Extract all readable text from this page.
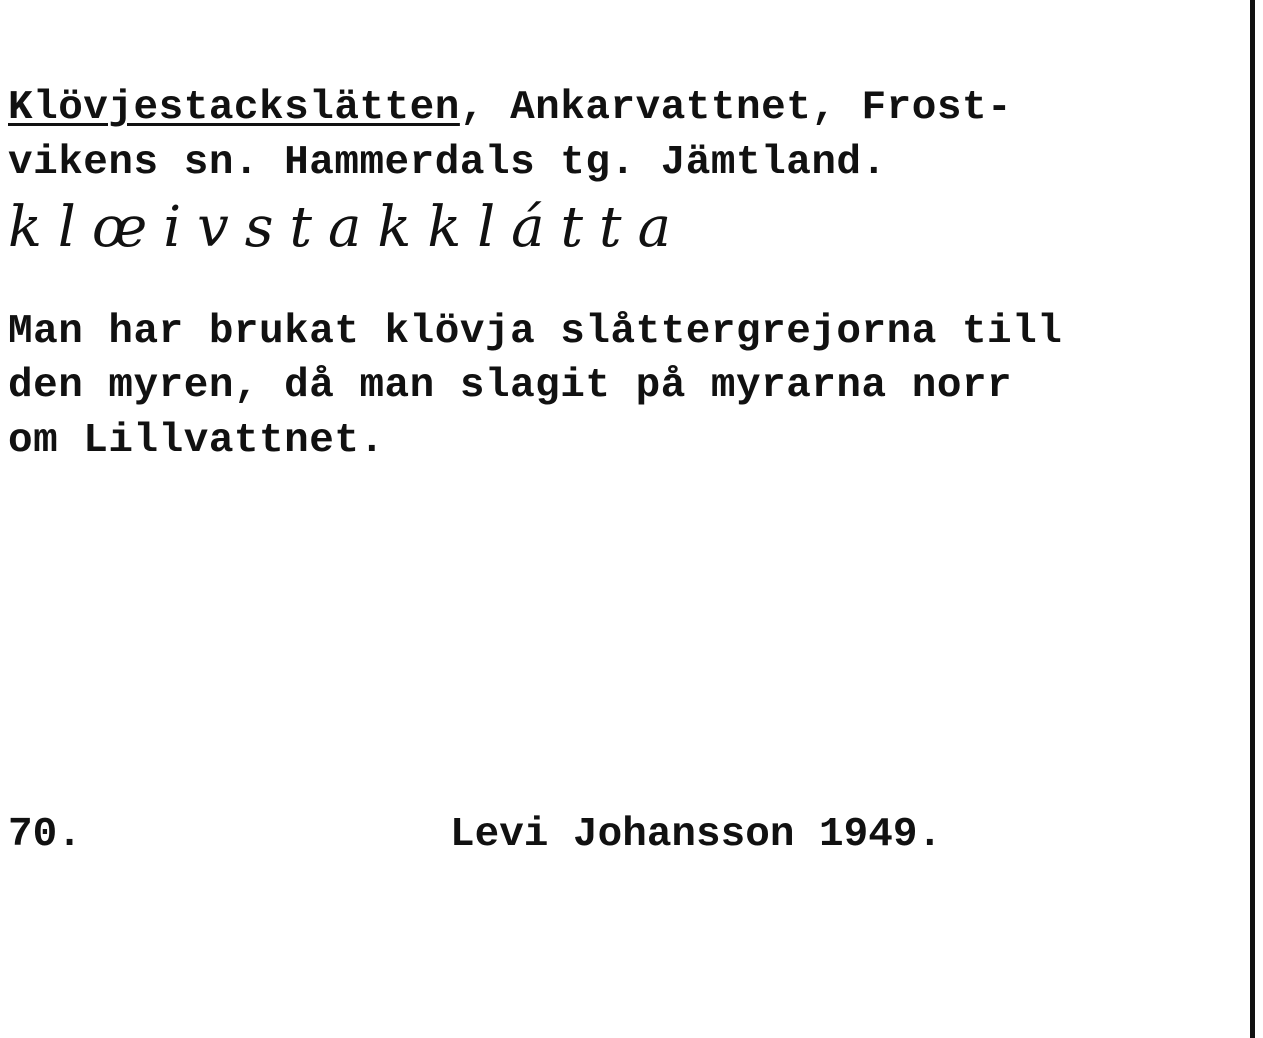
Klövjestackslätten, Ankarvattnet, Frost-
vikens sn. Hammerdals tg. Jämtland.
klœivstakklátta
Man har brukat klövja slåttergrejorna till
den myren, då man slagit på myrarna norr
om Lillvattnet.
70.	Levi Johansson 1949.
